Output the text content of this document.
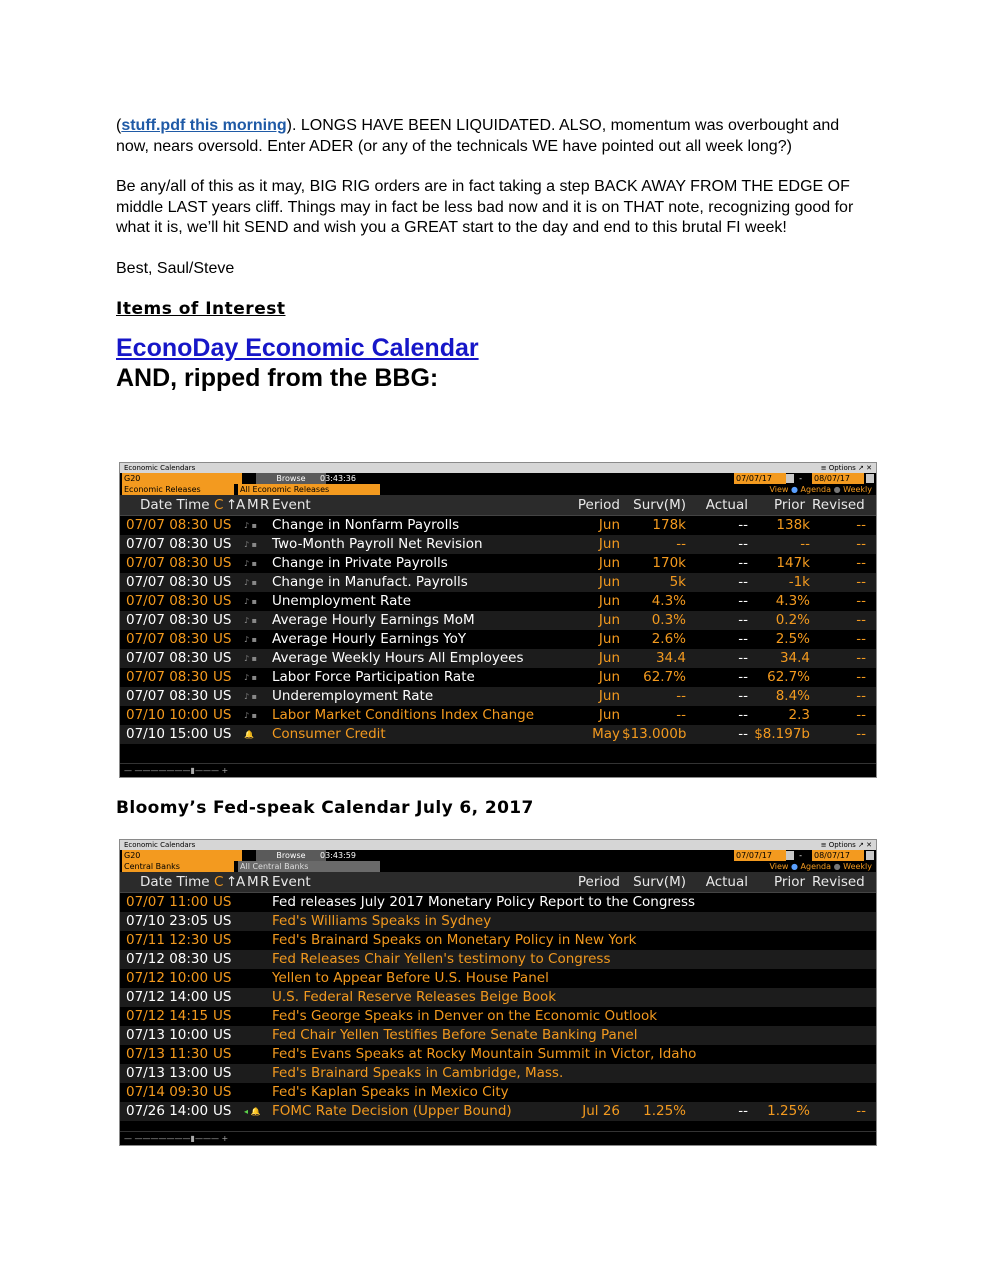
(stuff.pdf this morning). LONGS HAVE BEEN LIQUIDATED. ALSO, momentum was overbought and now, nears oversold. Enter ADER (or any of the technicals WE have pointed out all week long?)

Be any/all of this as it may, BIG RIG orders are in fact taking a step BACK AWAY FROM THE EDGE OF middle LAST years cliff. Things may in fact be less bad now and it is on THAT note, recognizing good for what it is, we’ll hit SEND and wish you a GREAT start to the day and end to this brutal FI week!

Best, Saul/Steve

Items of Interest
EconoDay Economic Calendar
AND, ripped from the BBG:
Economic Calendars	≡ Options ↗ ✕
G20	Browse	03:43:36	07/07/17	- 08/07/17
Economic Releases	All Economic Releases	View ● Agenda ● Weekly
Date Time C ↑
A M R Event	Period Surv(M)	Actual Prior Revised
07/07 08:30 US ♪ ▪	Change in Nonfarm Payrolls	Jun	178k	--	138k	--
07/07 08:30 US ♪ ▪	Two-Month Payroll Net Revision	Jun	--	--	--	--
07/07 08:30 US ♪ ▪	Change in Private Payrolls	Jun	170k	--	147k	--
07/07 08:30 US ♪ ▪	Change in Manufact. Payrolls	Jun	5k	--	-1k	--
07/07 08:30 US ♪ ▪	Unemployment Rate	Jun	4.3%	--	4.3%	--
07/07 08:30 US ♪ ▪	Average Hourly Earnings MoM	Jun	0.3%	--	0.2%	--
07/07 08:30 US ♪ ▪	Average Hourly Earnings YoY	Jun	2.6%	--	2.5%	--
07/07 08:30 US ♪ ▪	Average Weekly Hours All Employees	Jun	34.4	--	34.4	--
07/07 08:30 US ♪ ▪	Labor Force Participation Rate	Jun	62.7%	--	62.7%	--
07/07 08:30 US ♪ ▪	Underemployment Rate	Jun	--	--	8.4%	--
07/10 10:00 US ♪ ▪	Labor Market Conditions Index Change	Jun	--	--	2.3	--
07/10 15:00 US 🔔	Consumer Credit	May $13.000b	-- $8.197b	--
— ———————▮——— +
Bloomy’s Fed-speak Calendar July 6, 2017
Economic Calendars	≡ Options ↗ ✕
G20	Browse	03:43:59	07/07/17	- 08/07/17
Central Banks	All Central Banks	View ● Agenda ● Weekly
Date Time C ↑
A M R Event	Period Surv(M)	Actual Prior Revised
07/07 11:00 US	Fed releases July 2017 Monetary Policy Report to the Congress
07/10 23:05 US	Fed's Williams Speaks in Sydney
07/11 12:30 US	Fed's Brainard Speaks on Monetary Policy in New York
07/12 08:30 US	Fed Releases Chair Yellen's testimony to Congress
07/12 10:00 US	Yellen to Appear Before U.S. House Panel
07/12 14:00 US	U.S. Federal Reserve Releases Beige Book
07/12 14:15 US	Fed's George Speaks in Denver on the Economic Outlook
07/13 10:00 US	Fed Chair Yellen Testifies Before Senate Banking Panel
07/13 11:30 US	Fed's Evans Speaks at Rocky Mountain Summit in Victor, Idaho
07/13 13:00 US	Fed's Brainard Speaks in Cambridge, Mass.
07/14 09:30 US	Fed's Kaplan Speaks in Mexico City
07/26 14:00 US ◂ 🔔 FOMC Rate Decision (Upper Bound)	Jul 26	1.25%	--	1.25%	--
— ———————▮——— +
